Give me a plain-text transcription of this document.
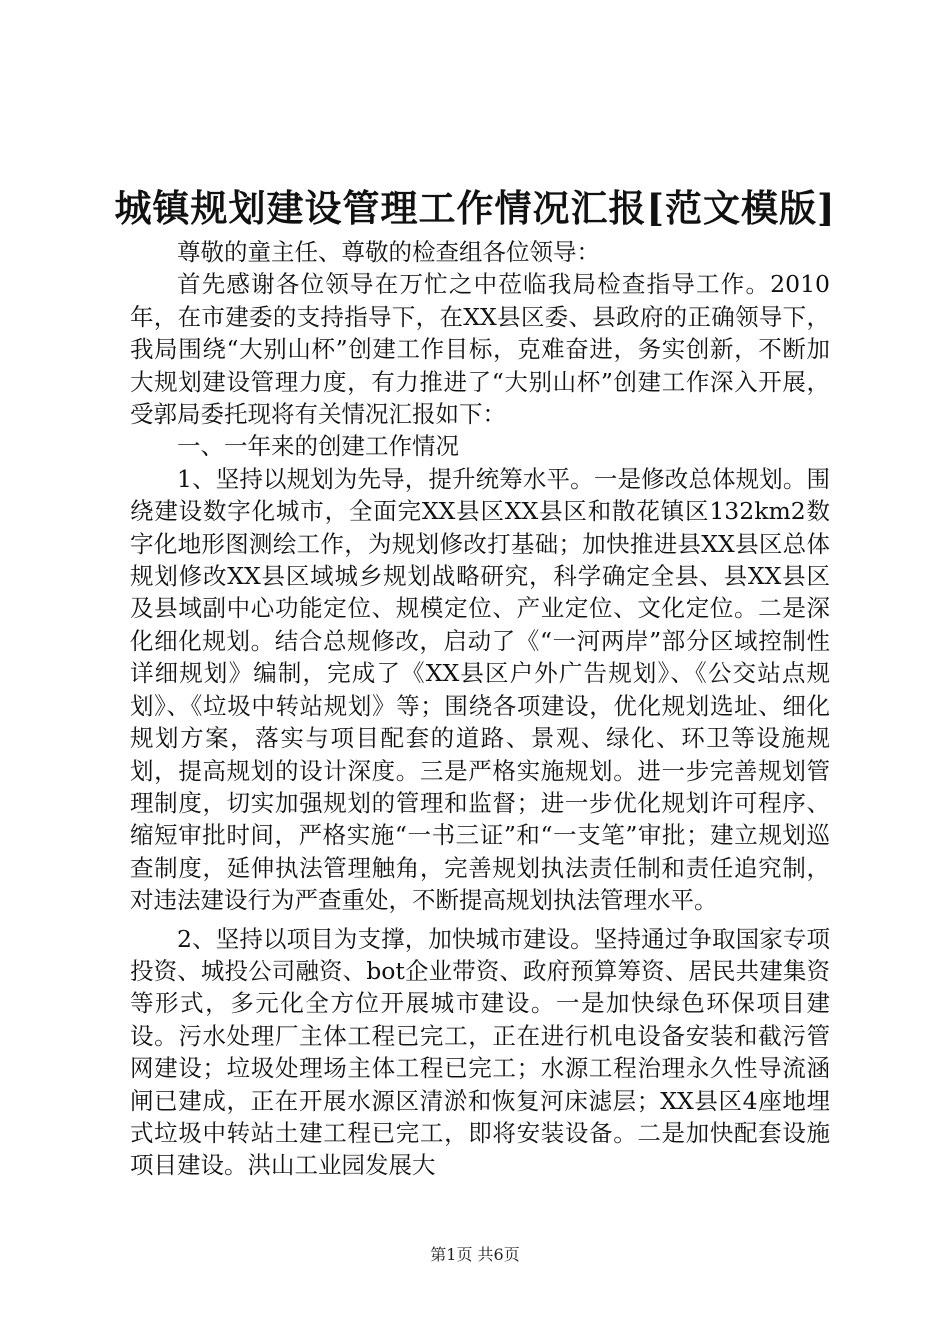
城镇规划建设管理工作情况汇报[范文模版]

尊敬的童主任、尊敬的检查组各位领导：

首先感谢各位领导在万忙之中莅临我局检查指导工作。2010年，在市建委的支持指导下，在XX县区委、县政府的正确领导下，我局围绕“大别山杯”创建工作目标，克难奋进，务实创新，不断加大规划建设管理力度，有力推进了“大别山杯”创建工作深入开展，受郭局委托现将有关情况汇报如下：

一、一年来的创建工作情况

1、坚持以规划为先导，提升统筹水平。一是修改总体规划。围绕建设数字化城市，全面完XX县区XX县区和散花镇区132km2数字化地形图测绘工作，为规划修改打基础；加快推进县XX县区总体规划修改XX县区域城乡规划战略研究，科学确定全县、县XX县区及县域副中心功能定位、规模定位、产业定位、文化定位。二是深化细化规划。结合总规修改，启动了《“一河两岸”部分区域控制性详细规划》编制，完成了《XX县区户外广告规划》、《公交站点规划》、《垃圾中转站规划》等；围绕各项建设，优化规划选址、细化规划方案，落实与项目配套的道路、景观、绿化、环卫等设施规划，提高规划的设计深度。三是严格实施规划。进一步完善规划管理制度，切实加强规划的管理和监督；进一步优化规划许可程序、缩短审批时间，严格实施“一书三证”和“一支笔”审批；建立规划巡查制度，延伸执法管理触角，完善规划执法责任制和责任追究制，对违法建设行为严查重处，不断提高规划执法管理水平。

2、坚持以项目为支撑，加快城市建设。坚持通过争取国家专项投资、城投公司融资、bot企业带资、政府预算筹资、居民共建集资等形式，多元化全方位开展城市建设。一是加快绿色环保项目建设。污水处理厂主体工程已完工，正在进行机电设备安装和截污管网建设；垃圾处理场主体工程已完工；水源工程治理永久性导流涵闸已建成，正在开展水源区清淤和恢复河床滤层；XX县区4座地埋式垃圾中转站土建工程已完工，即将安装设备。二是加快配套设施项目建设。洪山工业园发展大

第1页 共6页
